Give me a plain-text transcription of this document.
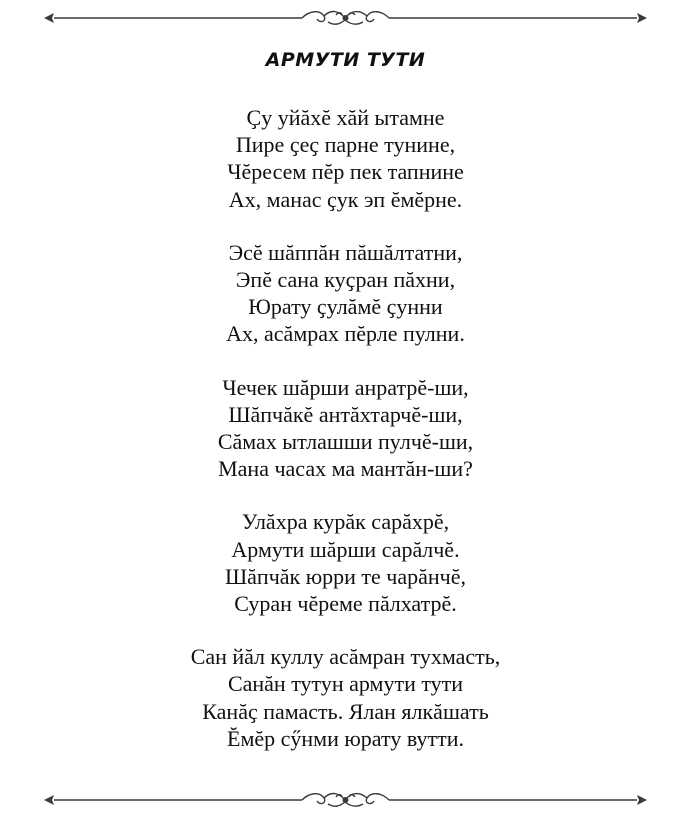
АРМУТИ ТУТИ
Ҫу уйăхĕ хăй ытамне
Пире ҫеҫ парне тунине,
Чĕресем пĕр пек тапнине
Ах, манас ҫук эп ĕмĕрне.
Эсĕ шăппăн пăшăлтатни,
Эпĕ сана куҫран пăхни,
Юрату ҫулăмĕ ҫунни
Ах, асăмрах пĕрле пулни.
Чечек шăрши анратрĕ-ши,
Шăпчăкĕ антăхтарчĕ-ши,
Сăмах ытлашши пулчĕ-ши,
Мана часах ма мантăн-ши?
Улăхра курăк сарăхрĕ,
Армути шăрши сарăлчĕ.
Шăпчăк юрри те чарăнчĕ,
Суран чĕреме пăлхатрĕ.
Сан йăл куллу асăмран тухмасть,
Санăн тутун армути тути
Канăҫ памасть. Ялан ялкăшать
Ĕмĕр сӳнми юрату вутти.
